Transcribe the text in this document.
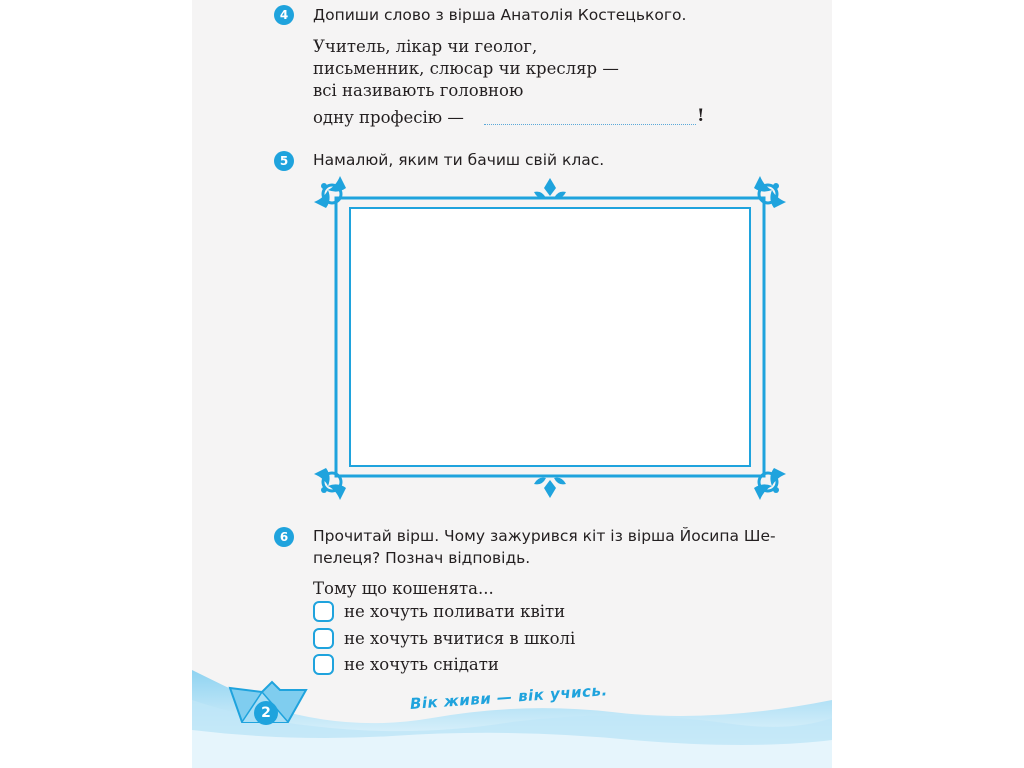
4	Допиши слово з вірша Анатолія Костецького.
Учитель, лікар чи геолог,
письменник, слюсар чи кресляр —
всі називають головною
одну професію —	!
5	Намалюй, яким ти бачиш свій клас.
6	Прочитай вірш. Чому зажурився кіт із вірша Йосипа Ше-
пелеця? Познач відповідь.
Тому що кошенята...
не хочуть поливати квіти
не хочуть вчитися в школі
не хочуть снідати
2
Вік живи — вік учись.
